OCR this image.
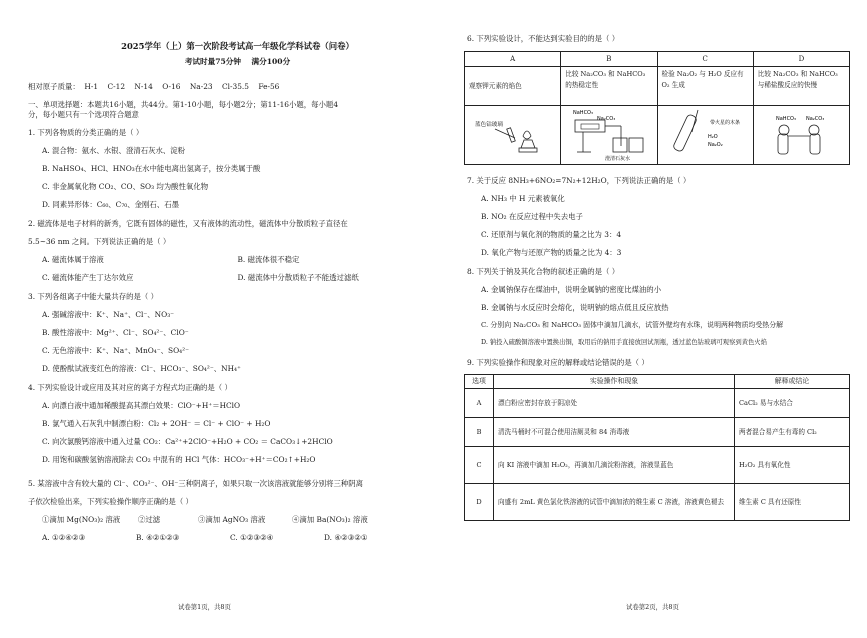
2025学年（上）第一次阶段考试高一年级化学科试卷（问卷）
考试时量75分钟    满分100分
相对原子质量：  H-1    C-12    N-14    O-16    Na-23    Cl-35.5    Fe-56
一、单项选择题：本题共16小题，共44分。第1-10小题，每小题2分；第11-16小题，每小题4
分，每小题只有一个选项符合题意
1. 下列各物质的分类正确的是（ ）
A. 混合物：氨水、水银、澄清石灰水、淀粉
B. NaHSO₄、HCl、HNO₃在水中能电离出氢离子，按分类属于酸
C. 非金属氧化物 CO₂、CO、SO₃ 均为酸性氧化物
D. 同素异形体：C₆₀、C₇₀、金刚石、石墨
2. 磁流体是电子材料的新秀，它既有固体的磁性，又有液体的流动性，磁流体中分散质粒子直径在
5.5~36 nm 之间。下列说法正确的是（ ）
A. 磁流体属于溶液	B. 磁流体很不稳定
C. 磁流体能产生丁达尔效应	D. 磁流体中分散质粒子不能透过滤纸
3. 下列各组离子中能大量共存的是（ ）
A. 强碱溶液中：K⁺、Na⁺、Cl⁻、NO₃⁻
B. 酸性溶液中：Mg²⁺、Cl⁻、SO₄²⁻、ClO⁻
C. 无色溶液中：K⁺、Na⁺、MnO₄⁻、SO₄²⁻
D. 使酚酞试液变红色的溶液：Cl⁻、HCO₃⁻、SO₄²⁻、NH₄⁺
4. 下列实验设计或应用及其对应的离子方程式均正确的是（ ）
A. 向漂白液中通加稀酸提高其漂白效果：ClO⁻+H⁺＝HClO
B. 氯气通入石灰乳中制漂白粉：Cl₂ + 2OH⁻ ＝ Cl⁻ + ClO⁻ + H₂O
C. 向次氯酸钙溶液中通入过量 CO₂：Ca²⁺+2ClO⁻+H₂O + CO₂ ＝ CaCO₃↓+2HClO
D. 用饱和碳酸氢钠溶液除去 CO₂ 中混有的 HCl 气体：HCO₃⁻+H⁺＝CO₂↑+H₂O
5. 某溶液中含有较大量的 Cl⁻、CO₃²⁻、OH⁻三种阴离子，如果只取一次该溶液就能够分别将三种阴离
子依次检验出来，下列实验操作顺序正确的是（ ）
①滴加 Mg(NO₃)₂ 溶液	②过滤	③滴加 AgNO₃ 溶液	④滴加 Ba(NO₃)₂ 溶液
A. ①②④②③	B. ④②①②③	C. ①②③②④	D. ④②③②①
试卷第1页，共8页
6. 下列实验设计，不能达到实验目的的是（ ）
A	B	C	D
观察钾元素的焰色	比较 Na₂CO₃ 和 NaHCO₃ 的热稳定性	检验 Na₂O₂ 与 H₂O 反应有 O₂ 生成	比较 Na₂CO₃ 和 NaHCO₃ 与稀盐酸反应的快慢

蓝色钴玻璃	NaHCO₃
Na₂CO₃
澄清石灰水	带火星的木条
H₂O
Na₂O₂	NaHCO₃ Na₂CO₃
7. 关于反应 8NH₃+6NO₂=7N₂+12H₂O，下列说法正确的是（ ）
A. NH₃ 中 H 元素被氧化
B. NO₂ 在反应过程中失去电子
C. 还原剂与氧化剂的物质的量之比为 3：4
D. 氧化产物与还原产物的质量之比为 4：3
8. 下列关于钠及其化合物的叙述正确的是（ ）
A. 金属钠保存在煤油中，说明金属钠的密度比煤油的小
B. 金属钠与水反应时会熔化，说明钠的熔点低且反应放热
C. 分别向 Na₂CO₃ 和 NaHCO₃ 固体中滴加几滴水，试管外壁均有水珠，说明两种物质均受热分解
D. 钠投入硫酸铜溶液中置换出铜，取用后的钠用手直接放回试剂瓶，透过蓝色钴玻璃可观察到黄色火焰
9. 下列实验操作和现象对应的解释或结论错误的是（ ）
选项	实验操作和现象	解释或结论
A	漂白粉应密封存放于阴凉处	CaCl₂ 易与水结合
B	清洗马桶时不可混合使用洁厕灵和 84 消毒液	两者混合易产生有毒的 Cl₂
C	向 KI 溶液中滴加 H₂O₂，再滴加几滴淀粉溶液，溶液显蓝色	H₂O₂ 具有氧化性
D	向盛有 2mL 黄色氯化铁溶液的试管中滴加浓的维生素 C 溶液，溶液黄色褪去	维生素 C 具有还原性
试卷第2页，共8页
